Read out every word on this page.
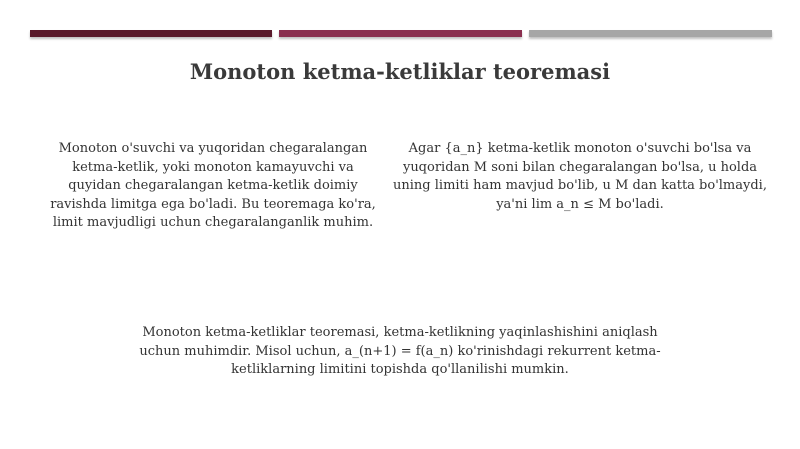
Monoton ketma-ketliklar teoremasi
Monoton o'suvchi va yuqoridan chegaralangan ketma-ketlik, yoki monoton kamayuvchi va quyidan chegaralangan ketma-ketlik doimiy ravishda limitga ega bo'ladi. Bu teoremaga ko'ra, limit mavjudligi uchun chegaralanganlik muhim.
Agar {a_n} ketma-ketlik monoton o'suvchi bo'lsa va yuqoridan M soni bilan chegaralangan bo'lsa, u holda uning limiti ham mavjud bo'lib, u M dan katta bo'lmaydi, ya'ni lim a_n ≤ M bo'ladi.
Monoton ketma-ketliklar teoremasi, ketma-ketlikning yaqinlashishini aniqlash uchun muhimdir. Misol uchun, a_(n+1) = f(a_n) ko'rinishdagi rekurrent ketma-ketliklarning limitini topishda qo'llanilishi mumkin.
